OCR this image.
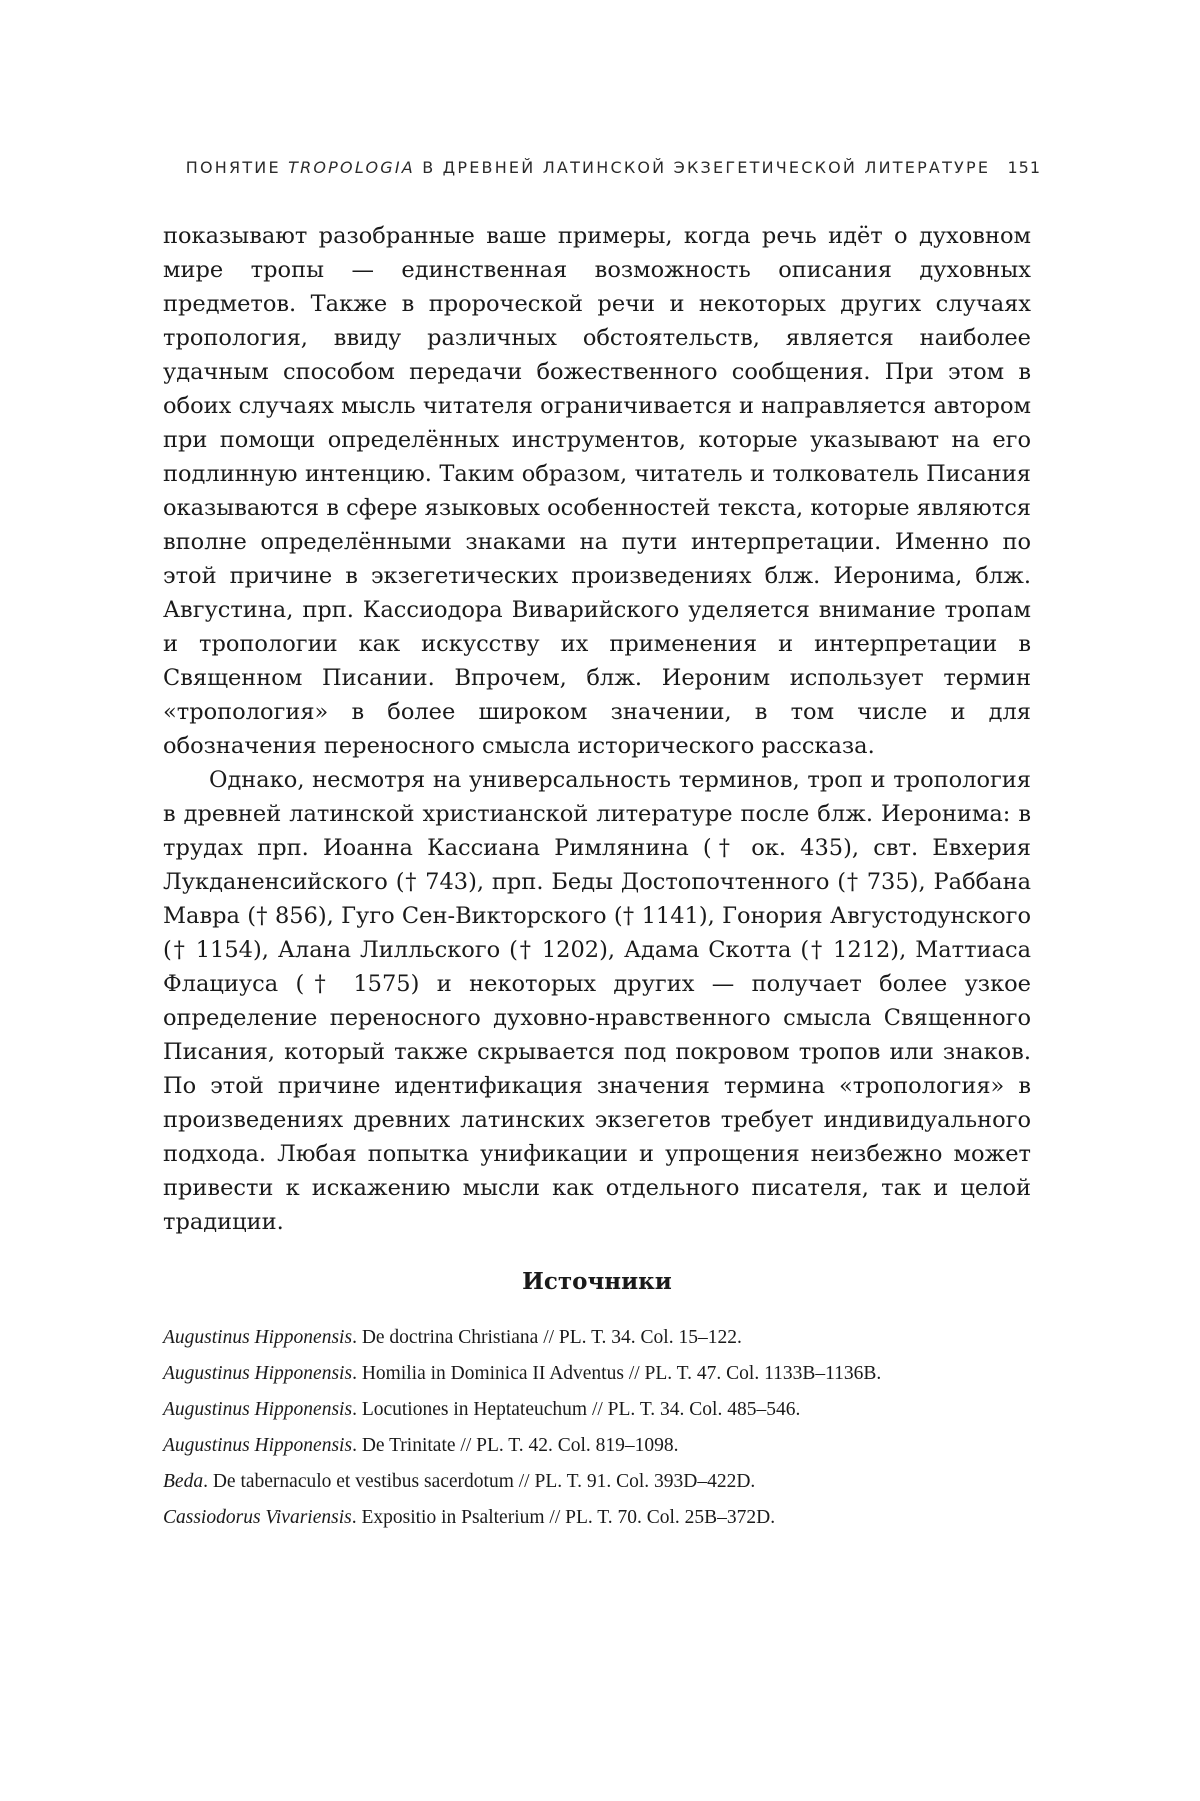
ПОНЯТИЕ TROPOLOGIA В ДРЕВНЕЙ ЛАТИНСКОЙ ЭКЗЕГЕТИЧЕСКОЙ ЛИТЕРАТУРЕ 151

показывают разобранные ваше примеры, когда речь идёт о духовном мире тропы — единственная возможность описания духовных предметов. Также в пророческой речи и некоторых других случаях тропология, ввиду различных обстоятельств, является наиболее удачным способом передачи божественного сообщения. При этом в обоих случаях мысль читателя ограничивается и направляется автором при помощи определённых инструментов, которые указывают на его подлинную интенцию. Таким образом, читатель и толкователь Писания оказываются в сфере языковых особенностей текста, которые являются вполне определёнными знаками на пути интерпретации. Именно по этой причине в экзегетических произведениях блж. Иеронима, блж. Августина, прп. Кассиодора Виварийского уделяется внимание тропам и тропологии как искусству их применения и интерпретации в Священном Писании. Впрочем, блж. Иероним использует термин «тропология» в более широком значении, в том числе и для обозначения переносного смысла исторического рассказа.

Однако, несмотря на универсальность терминов, троп и тропология в древней латинской христианской литературе после блж. Иеронима: в трудах прп. Иоанна Кассиана Римлянина († ок. 435), свт. Евхерия Лукданенсийского († 743), прп. Беды Достопочтенного († 735), Раббана Мавра († 856), Гуго Сен-Викторского († 1141), Гонория Августодунского († 1154), Алана Лилльского († 1202), Адама Скотта († 1212), Маттиаса Флациуса († 1575) и некоторых других — получает более узкое определение переносного духовно-нравственного смысла Священного Писания, который также скрывается под покровом тропов или знаков. По этой причине идентификация значения термина «тропология» в произведениях древних латинских экзегетов требует индивидуального подхода. Любая попытка унификации и упрощения неизбежно может привести к искажению мысли как отдельного писателя, так и целой традиции.

Источники
Augustinus Hipponensis. De doctrina Christiana // PL. T. 34. Col. 15–122.
Augustinus Hipponensis. Homilia in Dominica II Adventus // PL. T. 47. Col. 1133B–1136B.
Augustinus Hipponensis. Locutiones in Heptateuchum // PL. T. 34. Col. 485–546.
Augustinus Hipponensis. De Trinitate // PL. T. 42. Col. 819–1098.
Beda. De tabernaculo et vestibus sacerdotum // PL. T. 91. Col. 393D–422D.
Cassiodorus Vivariensis. Expositio in Psalterium // PL. T. 70. Col. 25B–372D.
